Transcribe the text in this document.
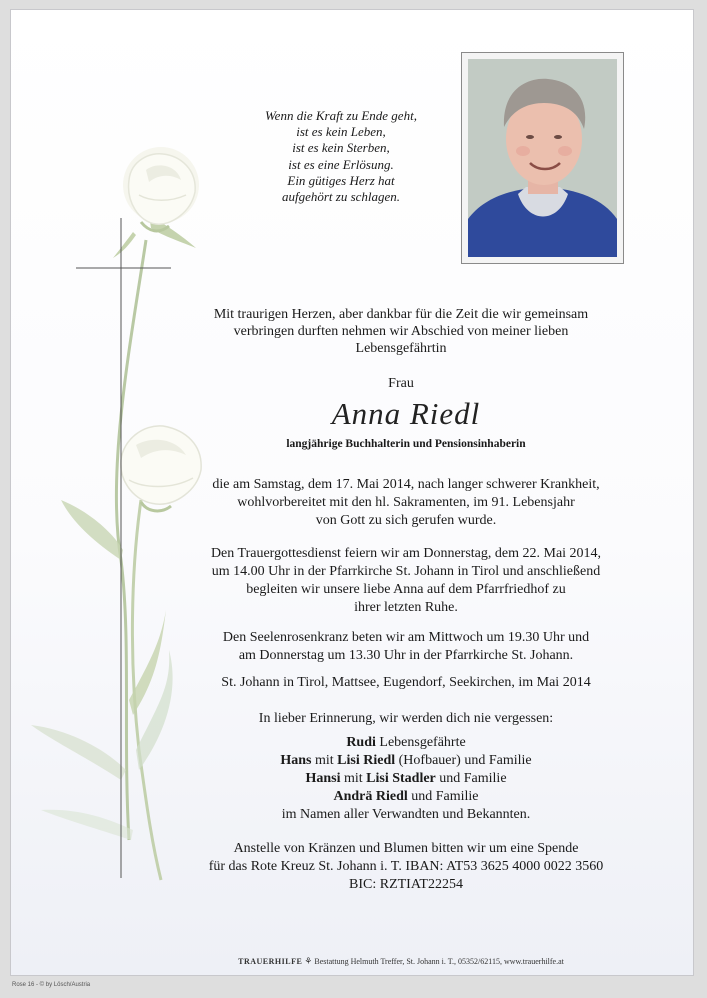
Wenn die Kraft zu Ende geht,
ist es kein Leben,
ist es kein Sterben,
ist es eine Erlösung.
Ein gütiges Herz hat
aufgehört zu schlagen.
Mit traurigen Herzen, aber dankbar für die Zeit die wir gemeinsam
verbringen durften nehmen wir Abschied von meiner lieben
Lebensgefährtin
Frau
Anna Riedl
langjährige Buchhalterin und Pensionsinhaberin
die am Samstag, dem 17. Mai 2014, nach langer schwerer Krankheit,
wohlvorbereitet mit den hl. Sakramenten, im 91. Lebensjahr
von Gott zu sich gerufen wurde.
Den Trauergottesdienst feiern wir am Donnerstag, dem 22. Mai 2014,
um 14.00 Uhr in der Pfarrkirche St. Johann in Tirol und anschließend
begleiten wir unsere liebe Anna auf dem Pfarrfriedhof zu
ihrer letzten Ruhe.
Den Seelenrosenkranz beten wir am Mittwoch um 19.30 Uhr und
am Donnerstag um 13.30 Uhr in der Pfarrkirche St. Johann.
St. Johann in Tirol, Mattsee, Eugendorf, Seekirchen, im Mai 2014
In lieber Erinnerung, wir werden dich nie vergessen:
Rudi Lebensgefährte
Hans mit Lisi Riedl (Hofbauer) und Familie
Hansi mit Lisi Stadler und Familie
Andrä Riedl und Familie
im Namen aller Verwandten und Bekannten.
Anstelle von Kränzen und Blumen bitten wir um eine Spende
für das Rote Kreuz St. Johann i. T. IBAN: AT53 3625 4000 0022 3560
BIC: RZTIAT22254
TRAUERHILFE ⚘ Bestattung Helmuth Treffer, St. Johann i. T., 05352/62115, www.trauerhilfe.at
Rose 16 - © by Lösch/Austria
